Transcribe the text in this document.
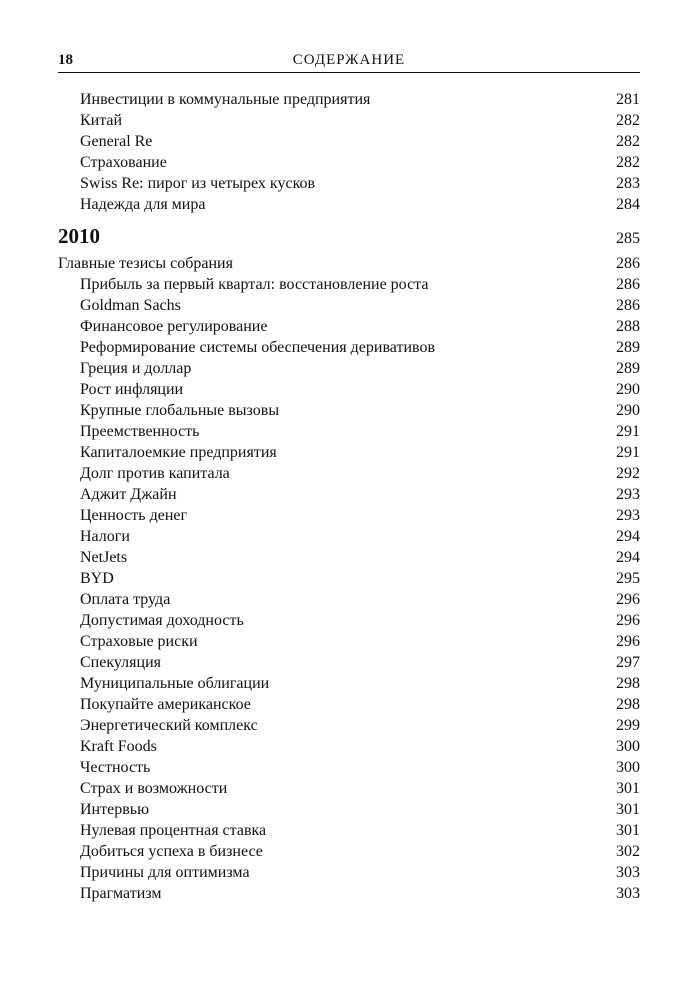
18	СОДЕРЖАНИЕ
Инвестиции в коммунальные предприятия	281
Китай	282
General Re	282
Страхование	282
Swiss Re: пирог из четырех кусков	283
Надежда для мира	284
2010	285
Главные тезисы собрания	286
Прибыль за первый квартал: восстановление роста	286
Goldman Sachs	286
Финансовое регулирование	288
Реформирование системы обеспечения деривативов	289
Греция и доллар	289
Рост инфляции	290
Крупные глобальные вызовы	290
Преемственность	291
Капиталоемкие предприятия	291
Долг против капитала	292
Аджит Джайн	293
Ценность денег	293
Налоги	294
NetJets	294
BYD	295
Оплата труда	296
Допустимая доходность	296
Страховые риски	296
Спекуляция	297
Муниципальные облигации	298
Покупайте американское	298
Энергетический комплекс	299
Kraft Foods	300
Честность	300
Страх и возможности	301
Интервью	301
Нулевая процентная ставка	301
Добиться успеха в бизнесе	302
Причины для оптимизма	303
Прагматизм	303
